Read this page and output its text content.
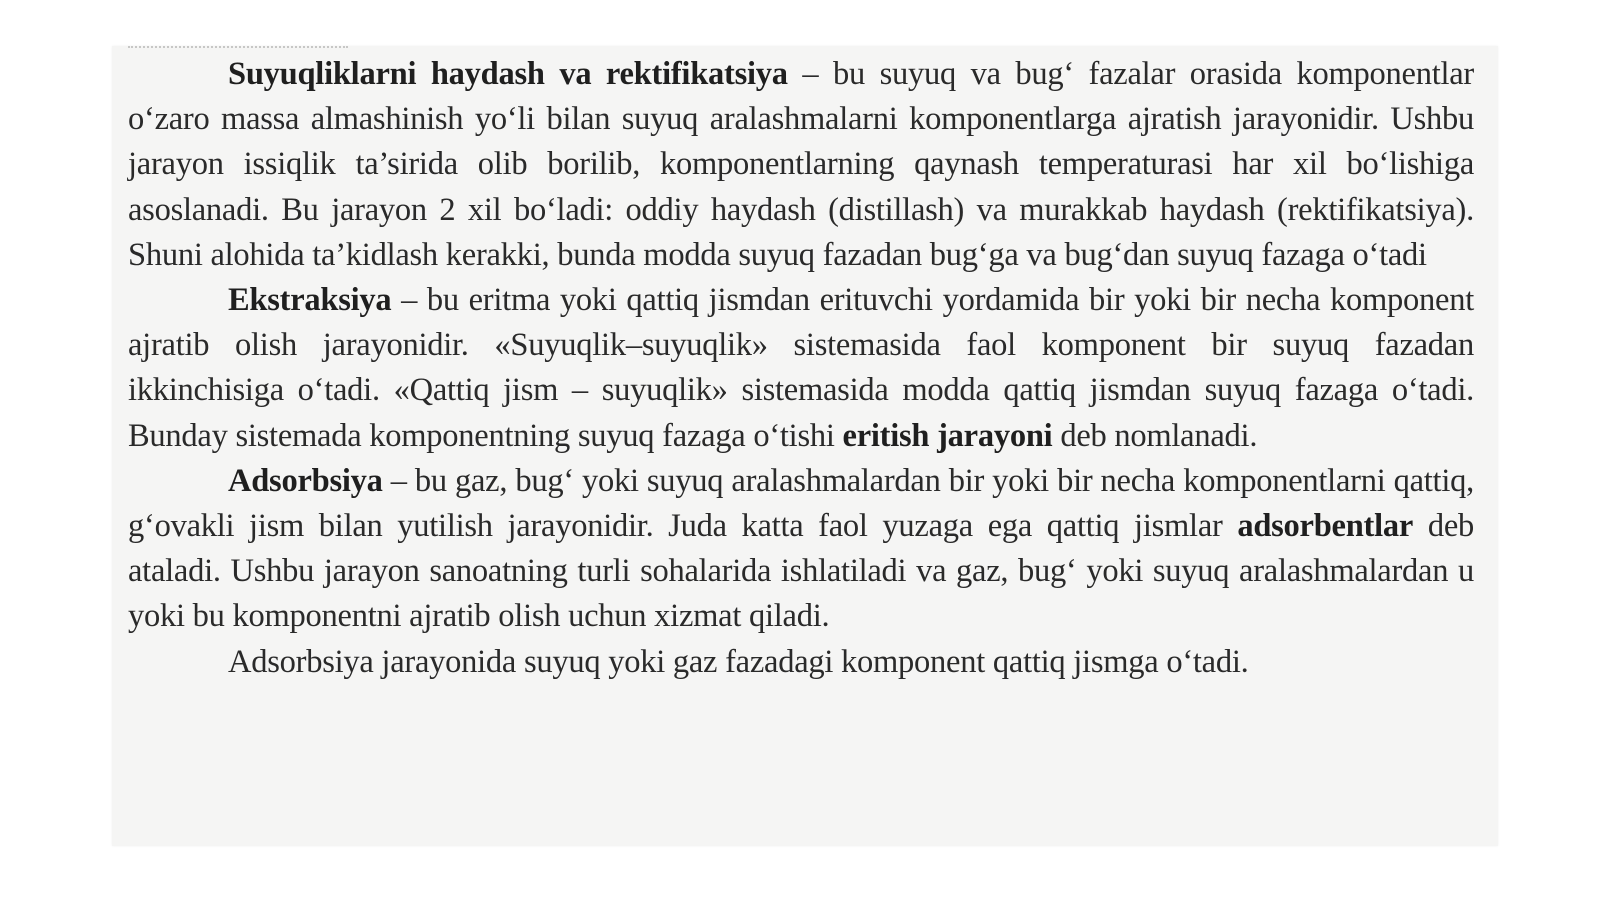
Suyuqliklarni haydash va rektifikatsiya – bu suyuq va bug‘ fazalar orasida komponentlar o‘zaro massa almashinish yo‘li bilan suyuq aralashmalarni komponentlarga ajratish jarayonidir. Ushbu jarayon issiqlik ta’sirida olib borilib, komponentlarning qaynash temperaturasi har xil bo‘lishiga asoslanadi. Bu jarayon 2 xil bo‘ladi: oddiy haydash (distillash) va murakkab haydash (rektifikatsiya). Shuni alohida ta’kidlash kerakki, bunda modda suyuq fazadan bug‘ga va bug‘dan suyuq fazaga o‘tadi

Ekstraksiya – bu eritma yoki qattiq jismdan erituvchi yordamida bir yoki bir necha komponent ajratib olish jarayonidir. «Suyuqlik–suyuqlik» sistemasida faol komponent bir suyuq fazadan ikkinchisiga o‘tadi. «Qattiq jism – suyuqlik» sistemasida modda qattiq jismdan suyuq fazaga o‘tadi. Bunday sistemada komponentning suyuq fazaga o‘tishi eritish jarayoni deb nomlanadi.

Adsorbsiya – bu gaz, bug‘ yoki suyuq aralashmalardan bir yoki bir necha komponentlarni qattiq, g‘ovakli jism bilan yutilish jarayonidir. Juda katta faol yuzaga ega qattiq jismlar adsorbentlar deb ataladi. Ushbu jarayon sanoatning turli sohalarida ishlatiladi va gaz, bug‘ yoki suyuq aralashmalardan u yoki bu komponentni ajratib olish uchun xizmat qiladi.

Adsorbsiya jarayonida suyuq yoki gaz fazadagi komponent qattiq jismga o‘tadi.
